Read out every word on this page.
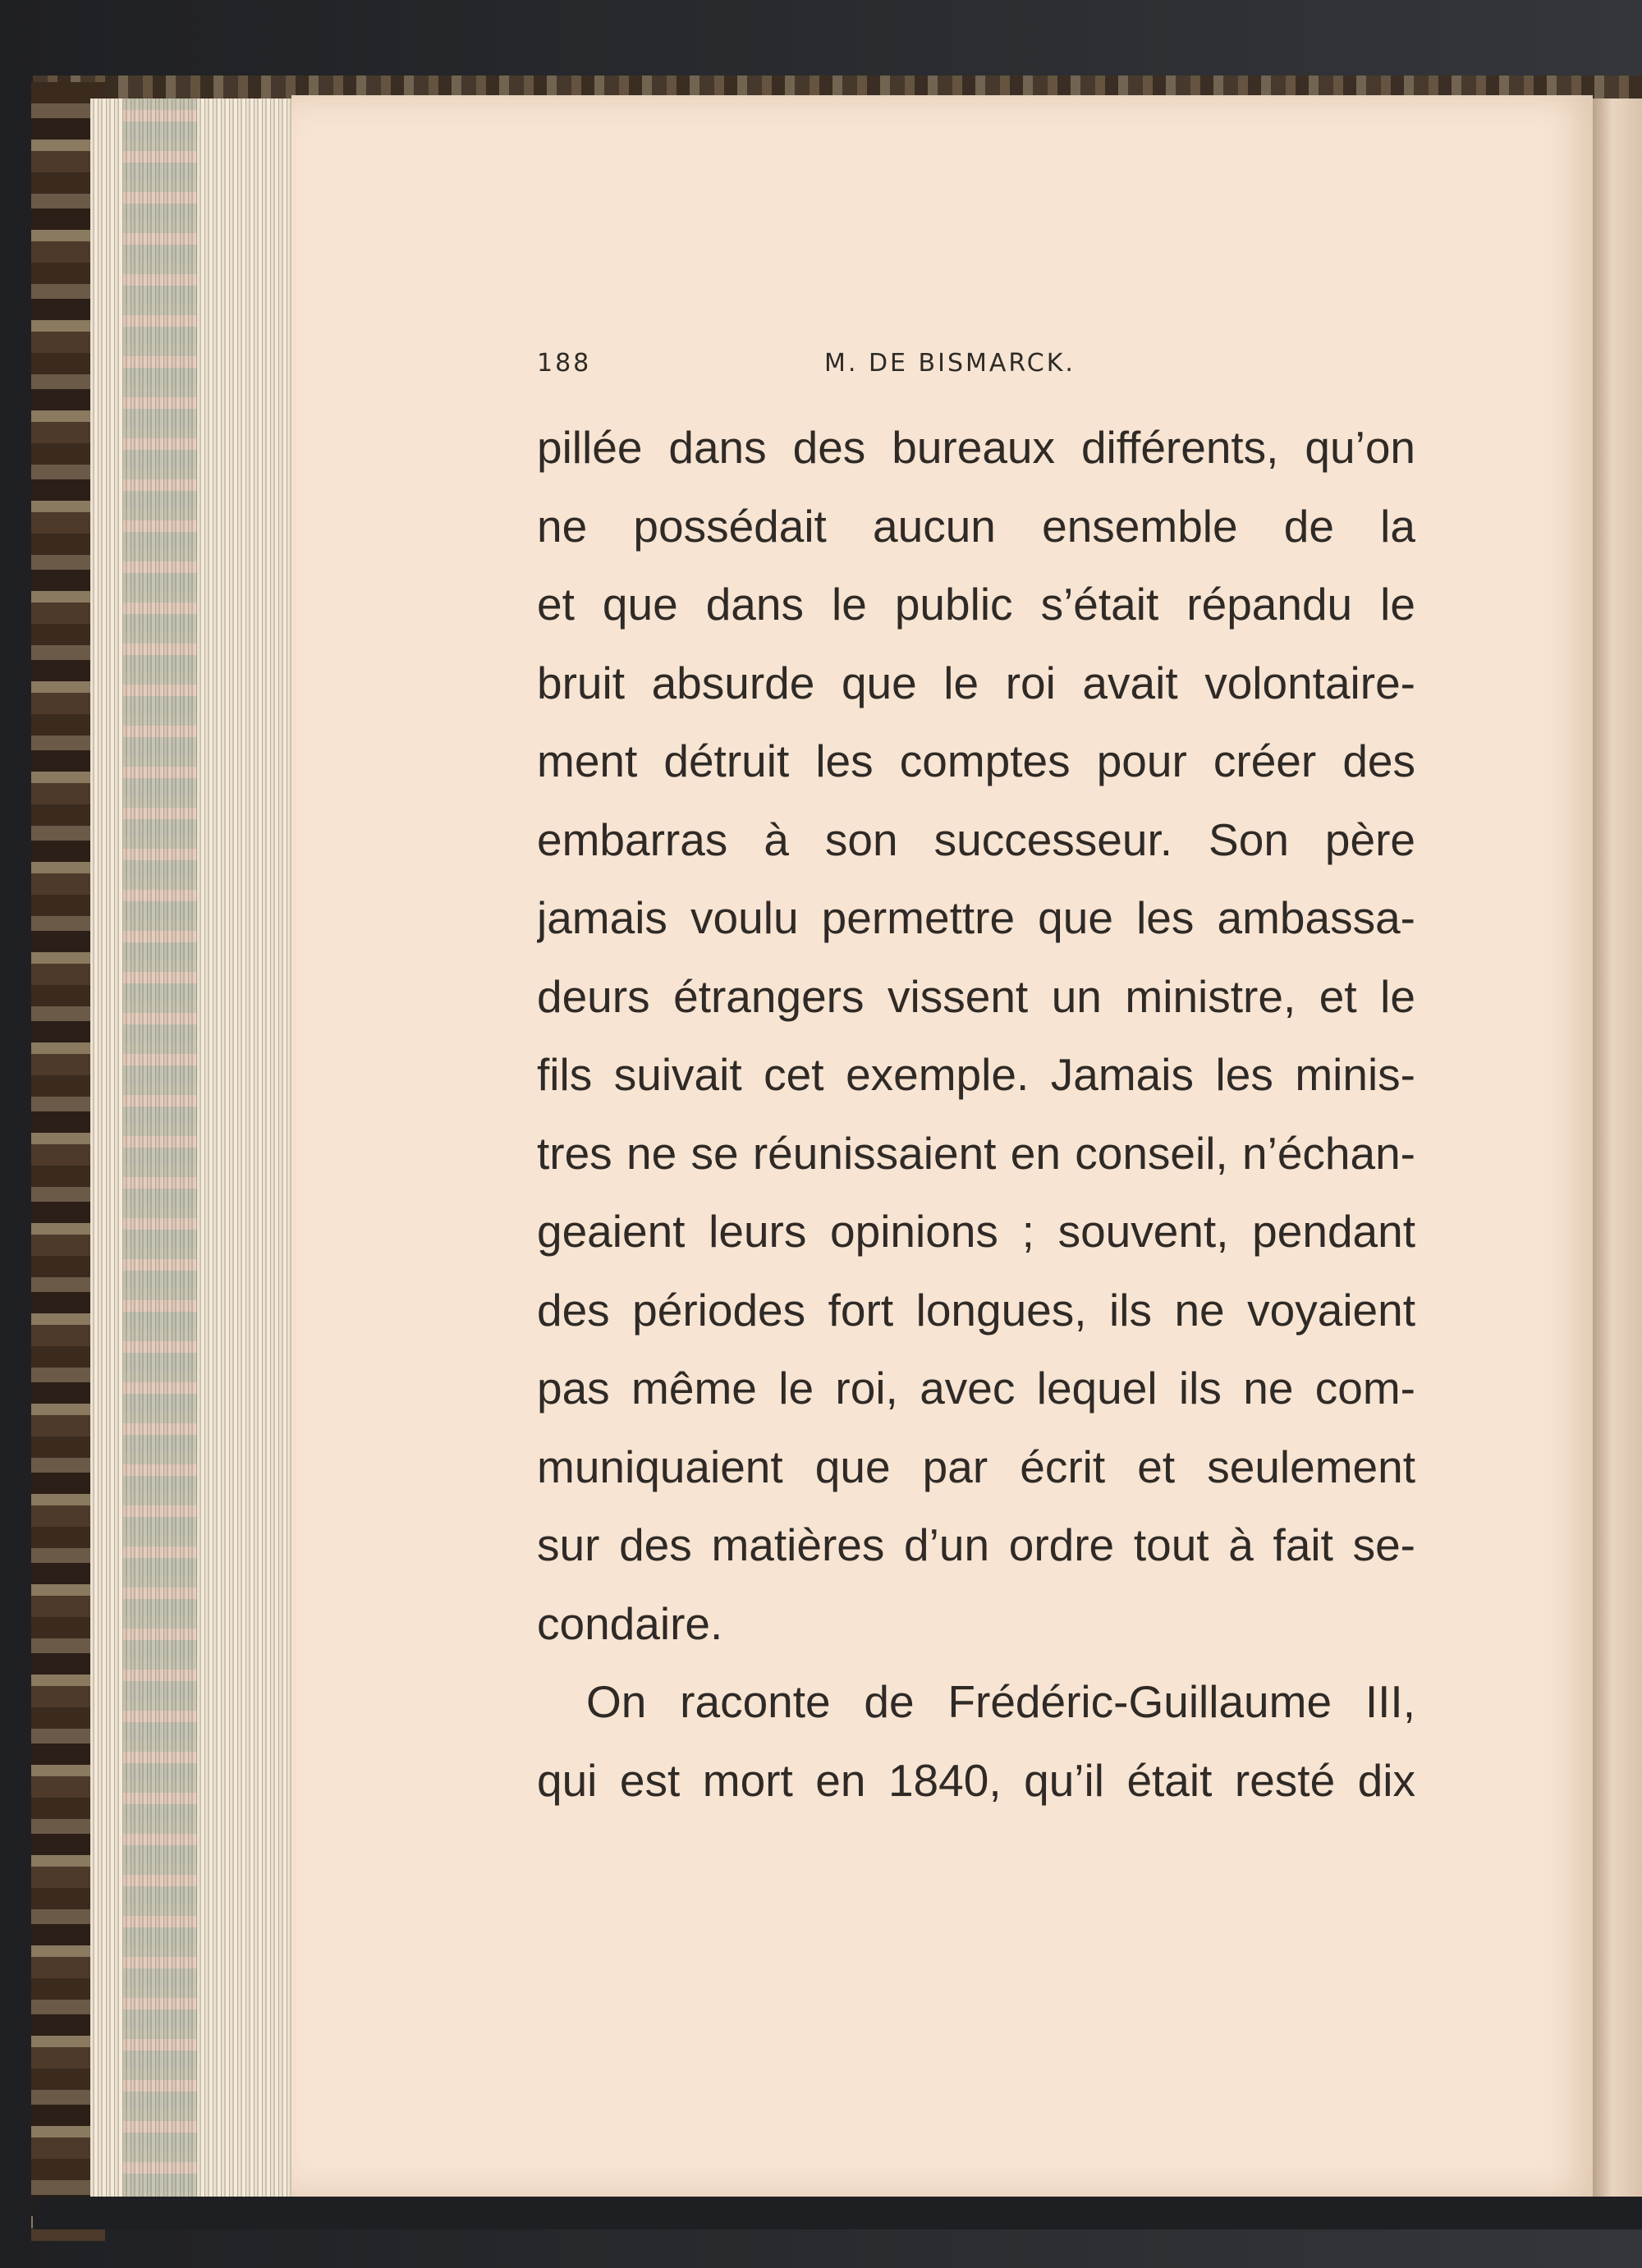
188	M. DE BISMARCK.
pillée dans des bureaux différents, qu’on
ne possédait aucun ensemble de la
et que dans le public s’était répandu le
bruit absurde que le roi avait volontaire-
ment détruit les comptes pour créer des
embarras à son successeur. Son père
jamais voulu permettre que les ambassa-
deurs étrangers vissent un ministre, et le
fils suivait cet exemple. Jamais les minis-
tres ne se réunissaient en conseil, n’échan-
geaient leurs opinions ; souvent, pendant
des périodes fort longues, ils ne voyaient
pas même le roi, avec lequel ils ne com-
muniquaient que par écrit et seulement
sur des matières d’un ordre tout à fait se-
condaire.
On raconte de Frédéric-Guillaume III,
qui est mort en 1840, qu’il était resté dix
